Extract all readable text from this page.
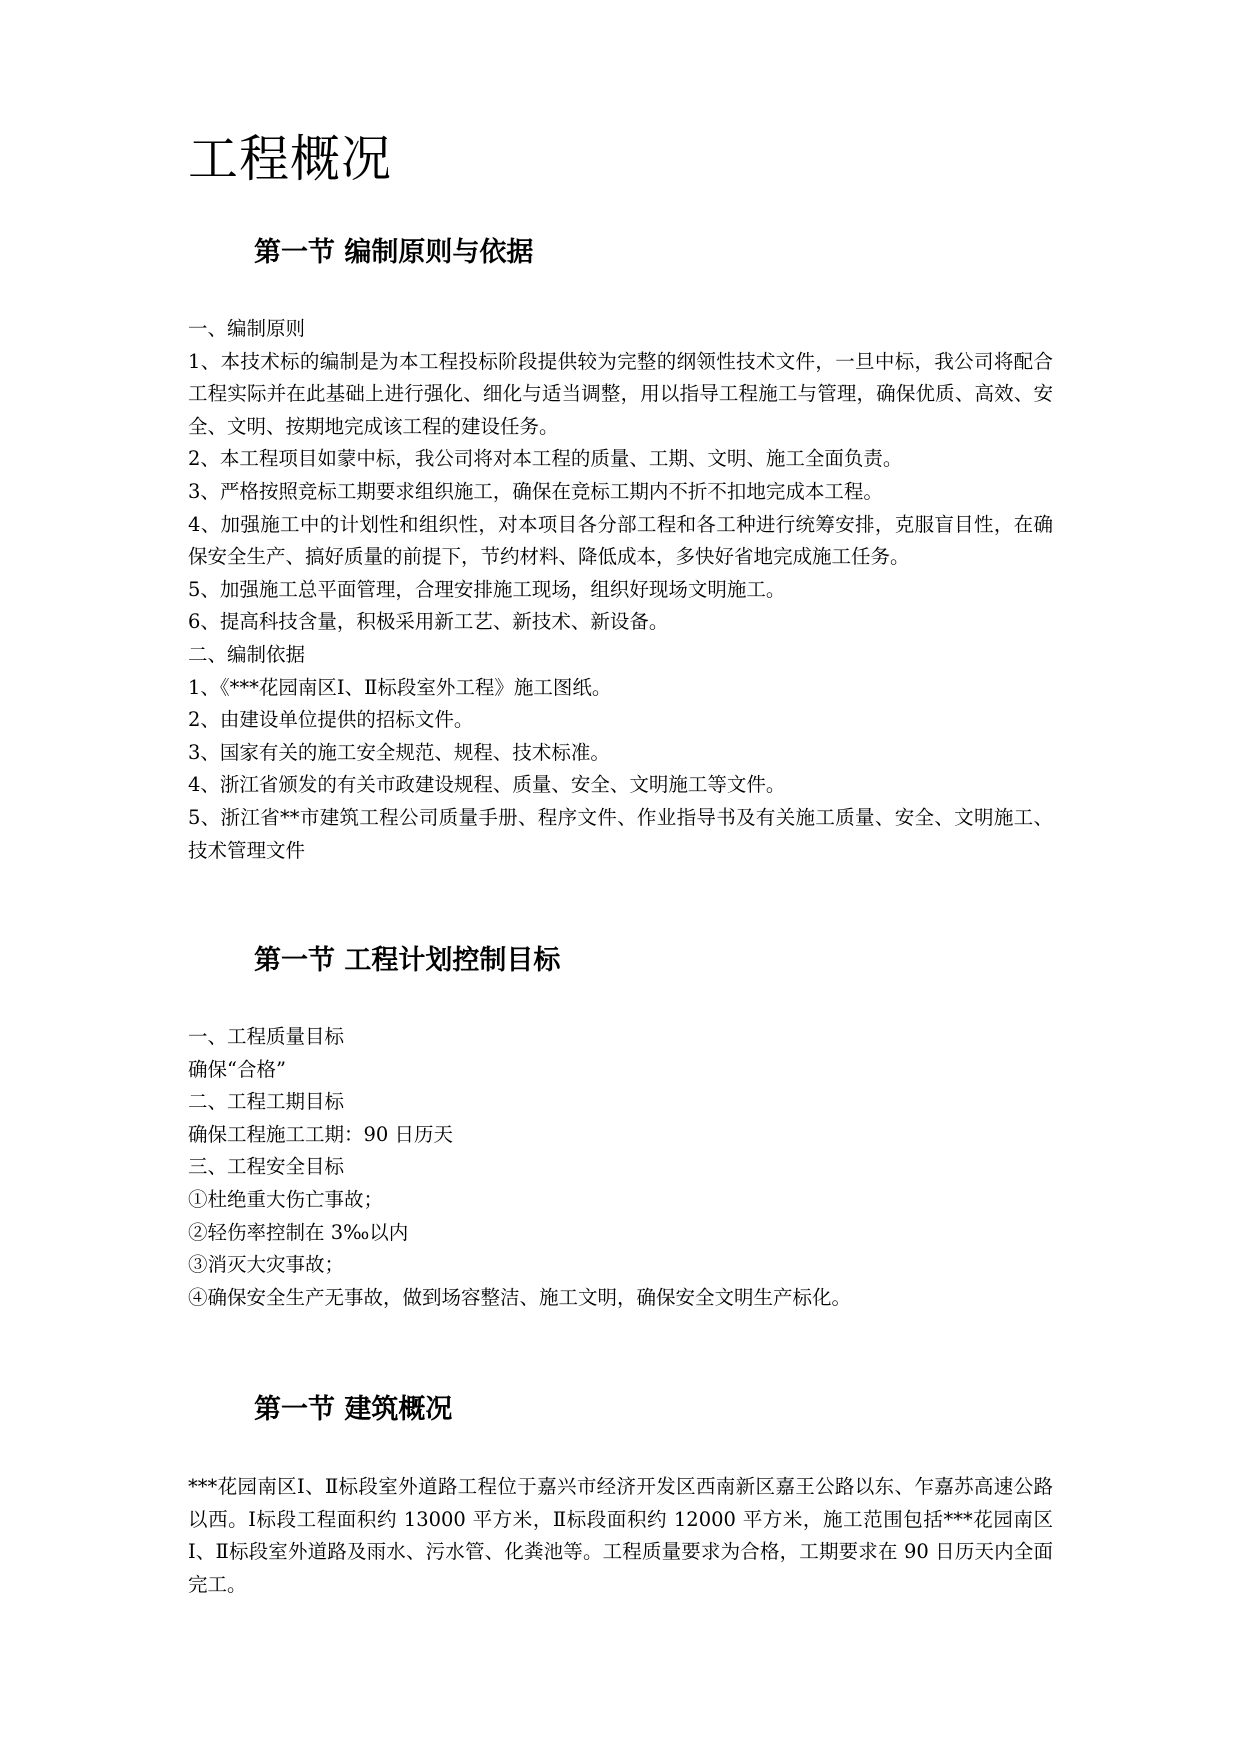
工程概况
第一节 编制原则与依据

一、编制原则

1、本技术标的编制是为本工程投标阶段提供较为完整的纲领性技术文件，一旦中标，我公司将配合工程实际并在此基础上进行强化、细化与适当调整，用以指导工程施工与管理，确保优质、高效、安全、文明、按期地完成该工程的建设任务。

2、本工程项目如蒙中标，我公司将对本工程的质量、工期、文明、施工全面负责。

3、严格按照竞标工期要求组织施工，确保在竞标工期内不折不扣地完成本工程。

4、加强施工中的计划性和组织性，对本项目各分部工程和各工种进行统筹安排，克服盲目性，在确保安全生产、搞好质量的前提下，节约材料、降低成本，多快好省地完成施工任务。

5、加强施工总平面管理，合理安排施工现场，组织好现场文明施工。

6、提高科技含量，积极采用新工艺、新技术、新设备。

二、编制依据

1、《***花园南区Ⅰ、Ⅱ标段室外工程》施工图纸。

2、由建设单位提供的招标文件。

3、国家有关的施工安全规范、规程、技术标准。

4、浙江省颁发的有关市政建设规程、质量、安全、文明施工等文件。

5、浙江省**市建筑工程公司质量手册、程序文件、作业指导书及有关施工质量、安全、文明施工、技术管理文件

第一节 工程计划控制目标

一、工程质量目标

确保“合格”

二、工程工期目标

确保工程施工工期：90 日历天

三、工程安全目标

①杜绝重大伤亡事故；

②轻伤率控制在 3‰以内

③消灭大灾事故；

④确保安全生产无事故，做到场容整洁、施工文明，确保安全文明生产标化。

第一节 建筑概况

***花园南区Ⅰ、Ⅱ标段室外道路工程位于嘉兴市经济开发区西南新区嘉王公路以东、乍嘉苏高速公路以西。Ⅰ标段工程面积约 13000 平方米，Ⅱ标段面积约 12000 平方米，施工范围包括***花园南区Ⅰ、Ⅱ标段室外道路及雨水、污水管、化粪池等。工程质量要求为合格，工期要求在 90 日历天内全面完工。
